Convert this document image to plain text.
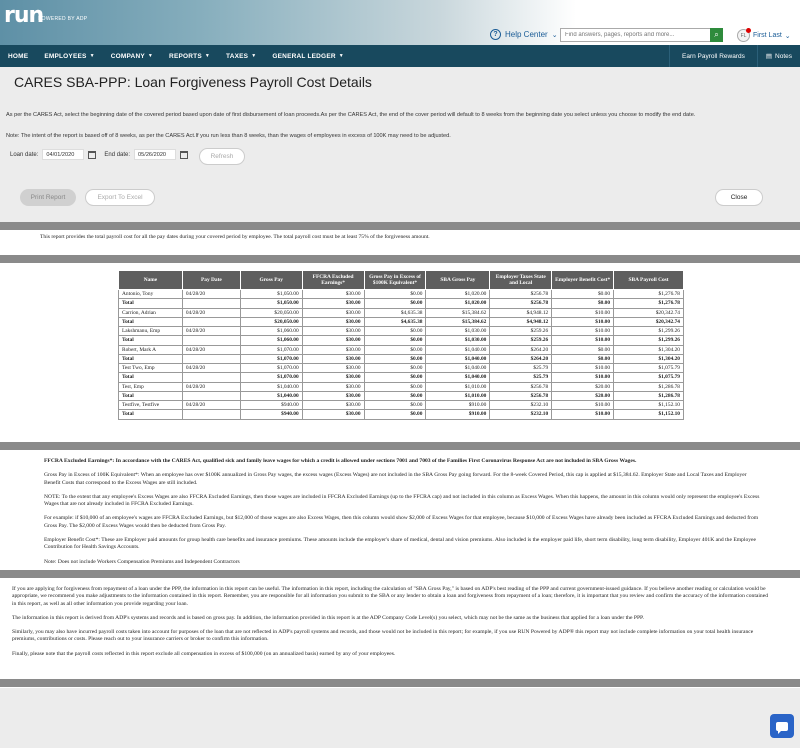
run
POWERED BY ADP
? Help Center ⌄
Find answers, pages, reports and more...	⌕	FL First Last ⌄
HOME EMPLOYEES ▼ COMPANY ▼ REPORTS ▼ TAXES ▼ GENERAL LEDGER ▼	Earn Payroll Rewards	▤ Notes
CARES SBA-PPP: Loan Forgiveness Payroll Cost Details
As per the CARES Act, select the beginning date of the covered period based upon date of first disbursement of loan proceeds.As per the CARES Act, the end of the cover period will default to 8 weeks from the beginning date you select unless you choose to modify the end date.
Note: The intent of the report is based off of 8 weeks, as per the CARES Act.If you run less than 8 weeks, than the wages of employees in excess of 100K may need to be adjusted.
Loan date:	04/01/2020	End date:	05/26/2020	Refresh
Print Report	Export To Excel	Close
This report provides the total payroll cost for all the pay dates during your covered period by employee. The total payroll cost must be at least 75% of the forgiveness amount.
Name	Pay Date	Gross Pay	FFCRA Excluded Earnings*	Gross Pay in Excess of $100K Equivalent*	SBA Gross Pay	Employer Taxes State and Local	Employer Benefit Cost*	SBA Payroll Cost
Antonio, Tony	04/28/20	$1,050.00	$30.00	$0.00	$1,020.00	$256.78	$0.00	$1,276.78
Total		$1,050.00	$30.00	$0.00	$1,020.00	$256.78	$0.00	$1,276.78
Carrion, Adrian	04/28/20	$20,050.00	$30.00	$4,635.38	$15,384.62	$4,948.12	$10.00	$20,342.74
Total		$20,050.00	$30.00	$4,635.38	$15,384.62	$4,948.12	$10.00	$20,342.74
Lakshmanu, Emp	04/28/20	$1,060.00	$30.00	$0.00	$1,030.00	$259.26	$10.00	$1,299.26
Total		$1,060.00	$30.00	$0.00	$1,030.00	$259.26	$10.00	$1,299.26
Robert, Mark A	04/28/20	$1,070.00	$30.00	$0.00	$1,040.00	$264.20	$0.00	$1,304.20
Total		$1,070.00	$30.00	$0.00	$1,040.00	$264.20	$0.00	$1,304.20
Test Two, Emp	04/28/20	$1,070.00	$30.00	$0.00	$1,040.00	$25.79	$10.00	$1,075.79
Total		$1,070.00	$30.00	$0.00	$1,040.00	$25.79	$10.00	$1,075.79
Test, Emp	04/28/20	$1,040.00	$30.00	$0.00	$1,010.00	$256.78	$20.00	$1,286.78
Total		$1,040.00	$30.00	$0.00	$1,010.00	$256.78	$20.00	$1,286.78
Testfive, Testfive	04/28/20	$940.00	$30.00	$0.00	$910.00	$232.10	$10.00	$1,152.10
Total		$940.00	$30.00	$0.00	$910.00	$232.10	$10.00	$1,152.10

FFCRA Excluded Earnings*: In accordance with the CARES Act, qualified sick and family leave wages for which a credit is allowed under sections 7001 and 7003 of the Families First Coronavirus Response Act are not included in SBA Gross Wages.

Gross Pay in Excess of 100K Equivalent*: When an employee has over $100K annualized in Gross Pay wages, the excess wages (Excess Wages) are not included in the SBA Gross Pay going forward. For the 8-week Covered Period, this cap is applied at $15,384.62. Employer State and Local Taxes and Employer Benefit Costs that correspond to the Excess Wages are still included.

NOTE: To the extent that any employee's Excess Wages are also FFCRA Excluded Earnings, then those wages are included in FFCRA Excluded Earnings (up to the FFCRA cap) and not included in this column as Excess Wages. When this happens, the amount in this column would only represent the employee's Excess Wages that are not already included in FFCRA Excluded Earnings.

For example: if $10,000 of an employee's wages are FFCRA Excluded Earnings, but $12,000 of those wages are also Excess Wages, then this column would show $2,000 of Excess Wages for that employee, because $10,000 of Excess Wages have already been included as FFCRA Excluded Earnings and deducted from Gross Pay. The $2,000 of Excess Wages would then be deducted from Gross Pay.

Employer Benefit Cost*: These are Employer paid amounts for group health care benefits and insurance premiums. These amounts include the employer's share of medical, dental and vision premiums. Also included is the employer paid life, short term disability, long term disability, Employer 401K and the Employee Contribution for Health Savings Accounts.

Note: Does not include Workers Compensation Premiums and Independent Contractors

If you are applying for forgiveness from repayment of a loan under the PPP, the information in this report can be useful. The information in this report, including the calculation of "SBA Gross Pay," is based on ADP's best reading of the PPP and current government-issued guidance. If you believe another reading or calculation would be appropriate, we recommend you make adjustments to the information contained in this report. Remember, you are responsible for all information you submit to the SBA or any lender to obtain a loan and forgiveness from repayment of a loan; therefore, it is important that you review and confirm the accuracy of the information contained in this report, as well as all other information you provide regarding your loan.

The information in this report is derived from ADP's systems and records and is based on gross pay. In addition, the information provided in this report is at the ADP Company Code Level(s) you select, which may not be the same as the business that applied for a loan under the PPP.

Similarly, you may also have incurred payroll costs taken into account for purposes of the loan that are not reflected in ADP's payroll systems and records, and those would not be included in this report; for example, if you use RUN Powered by ADP® this report may not include complete information on your total health insurance premiums, contributions or costs. Please reach out to your insurance carriers or broker to confirm this information.

Finally, please note that the payroll costs reflected in this report exclude all compensation in excess of $100,000 (on an annualized basis) earned by any of your employees.
